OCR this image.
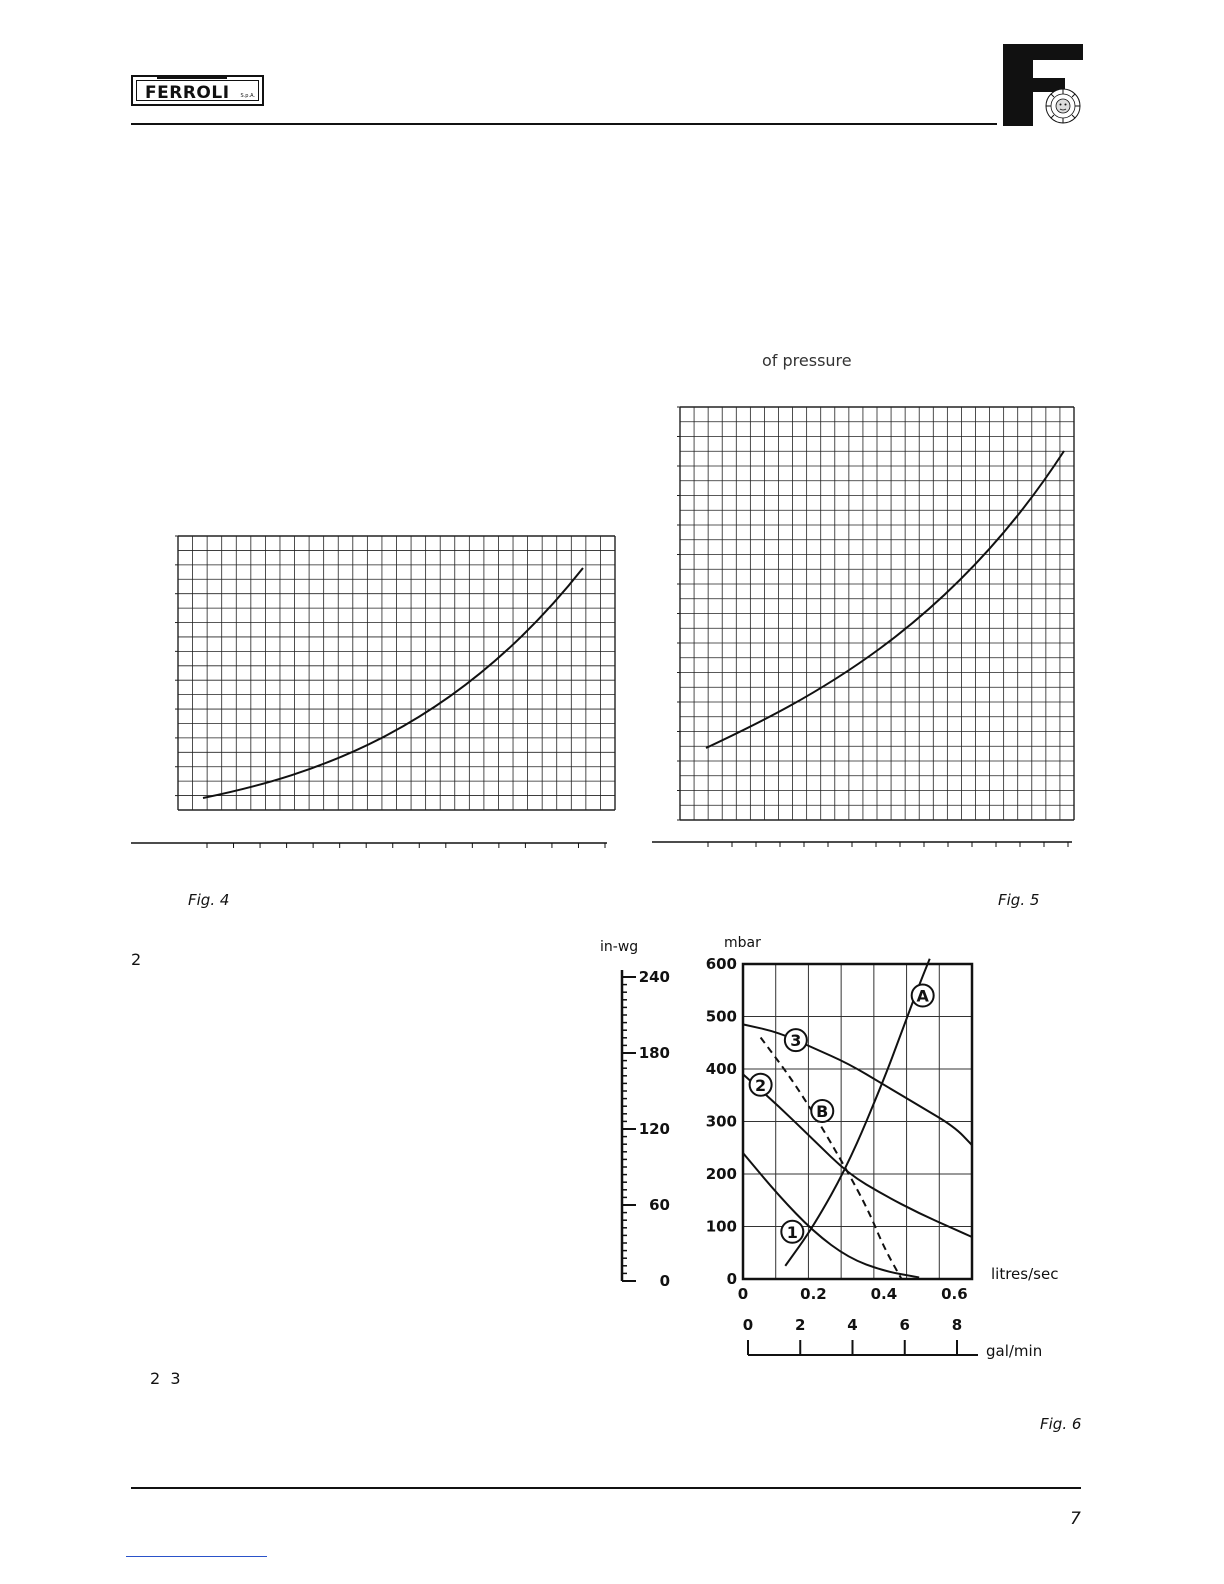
FERROLI S.p.A.
of pressure
2
2  3
Fig. 4	Fig. 5
in-wg
0
60
120
180
240
mbar
0
100
200
300
400
500
600
0	0.2	0.4	0.6
1
2
3
A
B
litres/sec
0	2	4	6	8
gal/min
Fig. 6
7
